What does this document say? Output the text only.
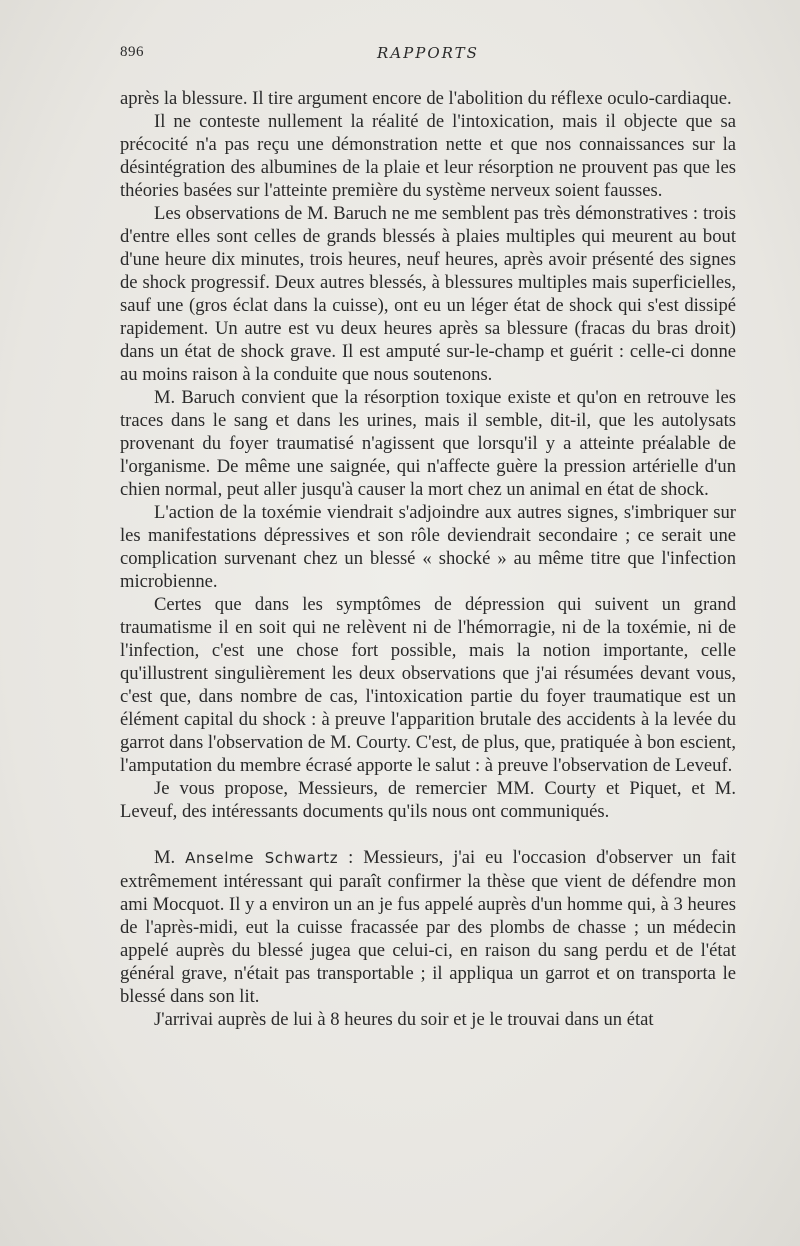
896	RAPPORTS

après la blessure. Il tire argument encore de l'abolition du réflexe oculo-cardiaque.

Il ne conteste nullement la réalité de l'intoxication, mais il objecte que sa précocité n'a pas reçu une démonstration nette et que nos connaissances sur la désintégration des albumines de la plaie et leur résorption ne prouvent pas que les théories basées sur l'atteinte première du système nerveux soient fausses.

Les observations de M. Baruch ne me semblent pas très démonstratives : trois d'entre elles sont celles de grands blessés à plaies multiples qui meurent au bout d'une heure dix minutes, trois heures, neuf heures, après avoir présenté des signes de shock progressif. Deux autres blessés, à blessures multiples mais superficielles, sauf une (gros éclat dans la cuisse), ont eu un léger état de shock qui s'est dissipé rapidement. Un autre est vu deux heures après sa blessure (fracas du bras droit) dans un état de shock grave. Il est amputé sur-le-champ et guérit : celle-ci donne au moins raison à la conduite que nous soutenons.

M. Baruch convient que la résorption toxique existe et qu'on en retrouve les traces dans le sang et dans les urines, mais il semble, dit-il, que les autolysats provenant du foyer traumatisé n'agissent que lorsqu'il y a atteinte préalable de l'organisme. De même une saignée, qui n'affecte guère la pression artérielle d'un chien normal, peut aller jusqu'à causer la mort chez un animal en état de shock.

L'action de la toxémie viendrait s'adjoindre aux autres signes, s'imbriquer sur les manifestations dépressives et son rôle deviendrait secondaire ; ce serait une complication survenant chez un blessé « shocké » au même titre que l'infection microbienne.

Certes que dans les symptômes de dépression qui suivent un grand traumatisme il en soit qui ne relèvent ni de l'hémorragie, ni de la toxémie, ni de l'infection, c'est une chose fort possible, mais la notion importante, celle qu'illustrent singulièrement les deux observations que j'ai résumées devant vous, c'est que, dans nombre de cas, l'intoxication partie du foyer traumatique est un élément capital du shock : à preuve l'apparition brutale des accidents à la levée du garrot dans l'observation de M. Courty. C'est, de plus, que, pratiquée à bon escient, l'amputation du membre écrasé apporte le salut : à preuve l'observation de Leveuf.

Je vous propose, Messieurs, de remercier MM. Courty et Piquet, et M. Leveuf, des intéressants documents qu'ils nous ont communiqués.

M. Anselme Schwartz : Messieurs, j'ai eu l'occasion d'observer un fait extrêmement intéressant qui paraît confirmer la thèse que vient de défendre mon ami Mocquot. Il y a environ un an je fus appelé auprès d'un homme qui, à 3 heures de l'après-midi, eut la cuisse fracassée par des plombs de chasse ; un médecin appelé auprès du blessé jugea que celui-ci, en raison du sang perdu et de l'état général grave, n'était pas transportable ; il appliqua un garrot et on transporta le blessé dans son lit.

J'arrivai auprès de lui à 8 heures du soir et je le trouvai dans un état
